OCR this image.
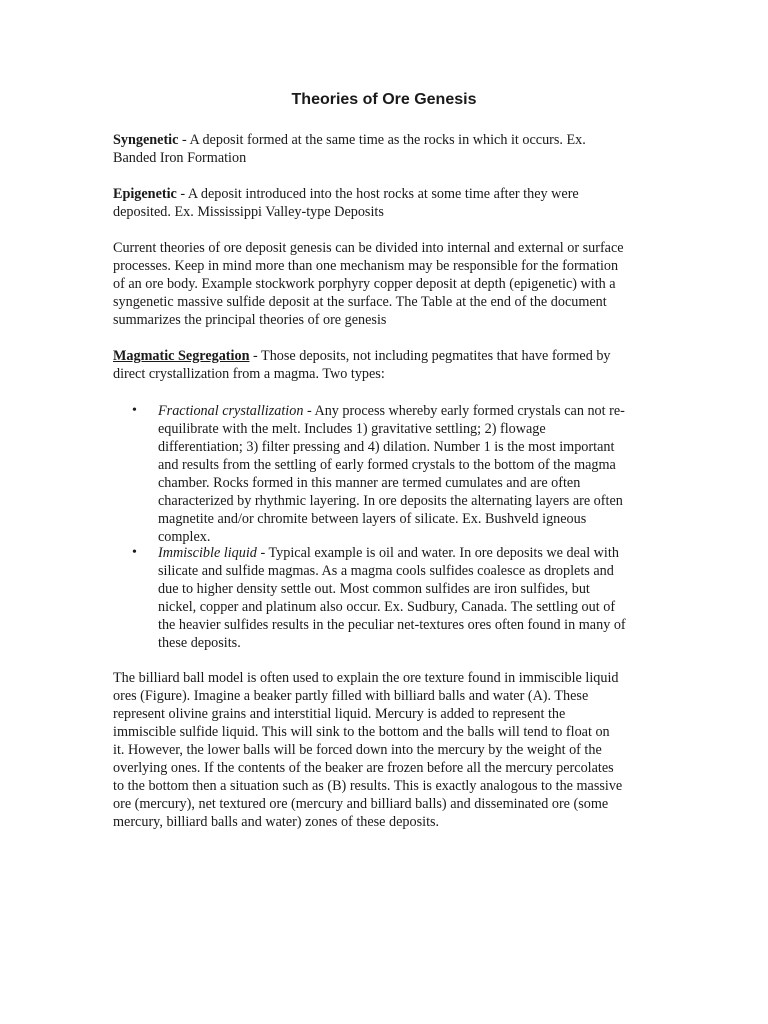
Theories of Ore Genesis
Syngenetic - A deposit formed at the same time as the rocks in which it occurs. Ex.
Banded Iron Formation
Epigenetic - A deposit introduced into the host rocks at some time after they were
deposited. Ex. Mississippi Valley-type Deposits
Current theories of ore deposit genesis can be divided into internal and external or surface
processes. Keep in mind more than one mechanism may be responsible for the formation
of an ore body. Example stockwork porphyry copper deposit at depth (epigenetic) with a
syngenetic massive sulfide deposit at the surface. The Table at the end of the document
summarizes the principal theories of ore genesis
Magmatic Segregation - Those deposits, not including pegmatites that have formed by
direct crystallization from a magma. Two types:
• Fractional crystallization - Any process whereby early formed crystals can not re-
equilibrate with the melt. Includes 1) gravitative settling; 2) flowage
differentiation; 3) filter pressing and 4) dilation. Number 1 is the most important
and results from the settling of early formed crystals to the bottom of the magma
chamber. Rocks formed in this manner are termed cumulates and are often
characterized by rhythmic layering. In ore deposits the alternating layers are often
magnetite and/or chromite between layers of silicate. Ex. Bushveld igneous
complex.
• Immiscible liquid - Typical example is oil and water. In ore deposits we deal with
silicate and sulfide magmas. As a magma cools sulfides coalesce as droplets and
due to higher density settle out. Most common sulfides are iron sulfides, but
nickel, copper and platinum also occur. Ex. Sudbury, Canada. The settling out of
the heavier sulfides results in the peculiar net-textures ores often found in many of
these deposits.
The billiard ball model is often used to explain the ore texture found in immiscible liquid
ores (Figure). Imagine a beaker partly filled with billiard balls and water (A). These
represent olivine grains and interstitial liquid. Mercury is added to represent the
immiscible sulfide liquid. This will sink to the bottom and the balls will tend to float on
it. However, the lower balls will be forced down into the mercury by the weight of the
overlying ones. If the contents of the beaker are frozen before all the mercury percolates
to the bottom then a situation such as (B) results. This is exactly analogous to the massive
ore (mercury), net textured ore (mercury and billiard balls) and disseminated ore (some
mercury, billiard balls and water) zones of these deposits.
